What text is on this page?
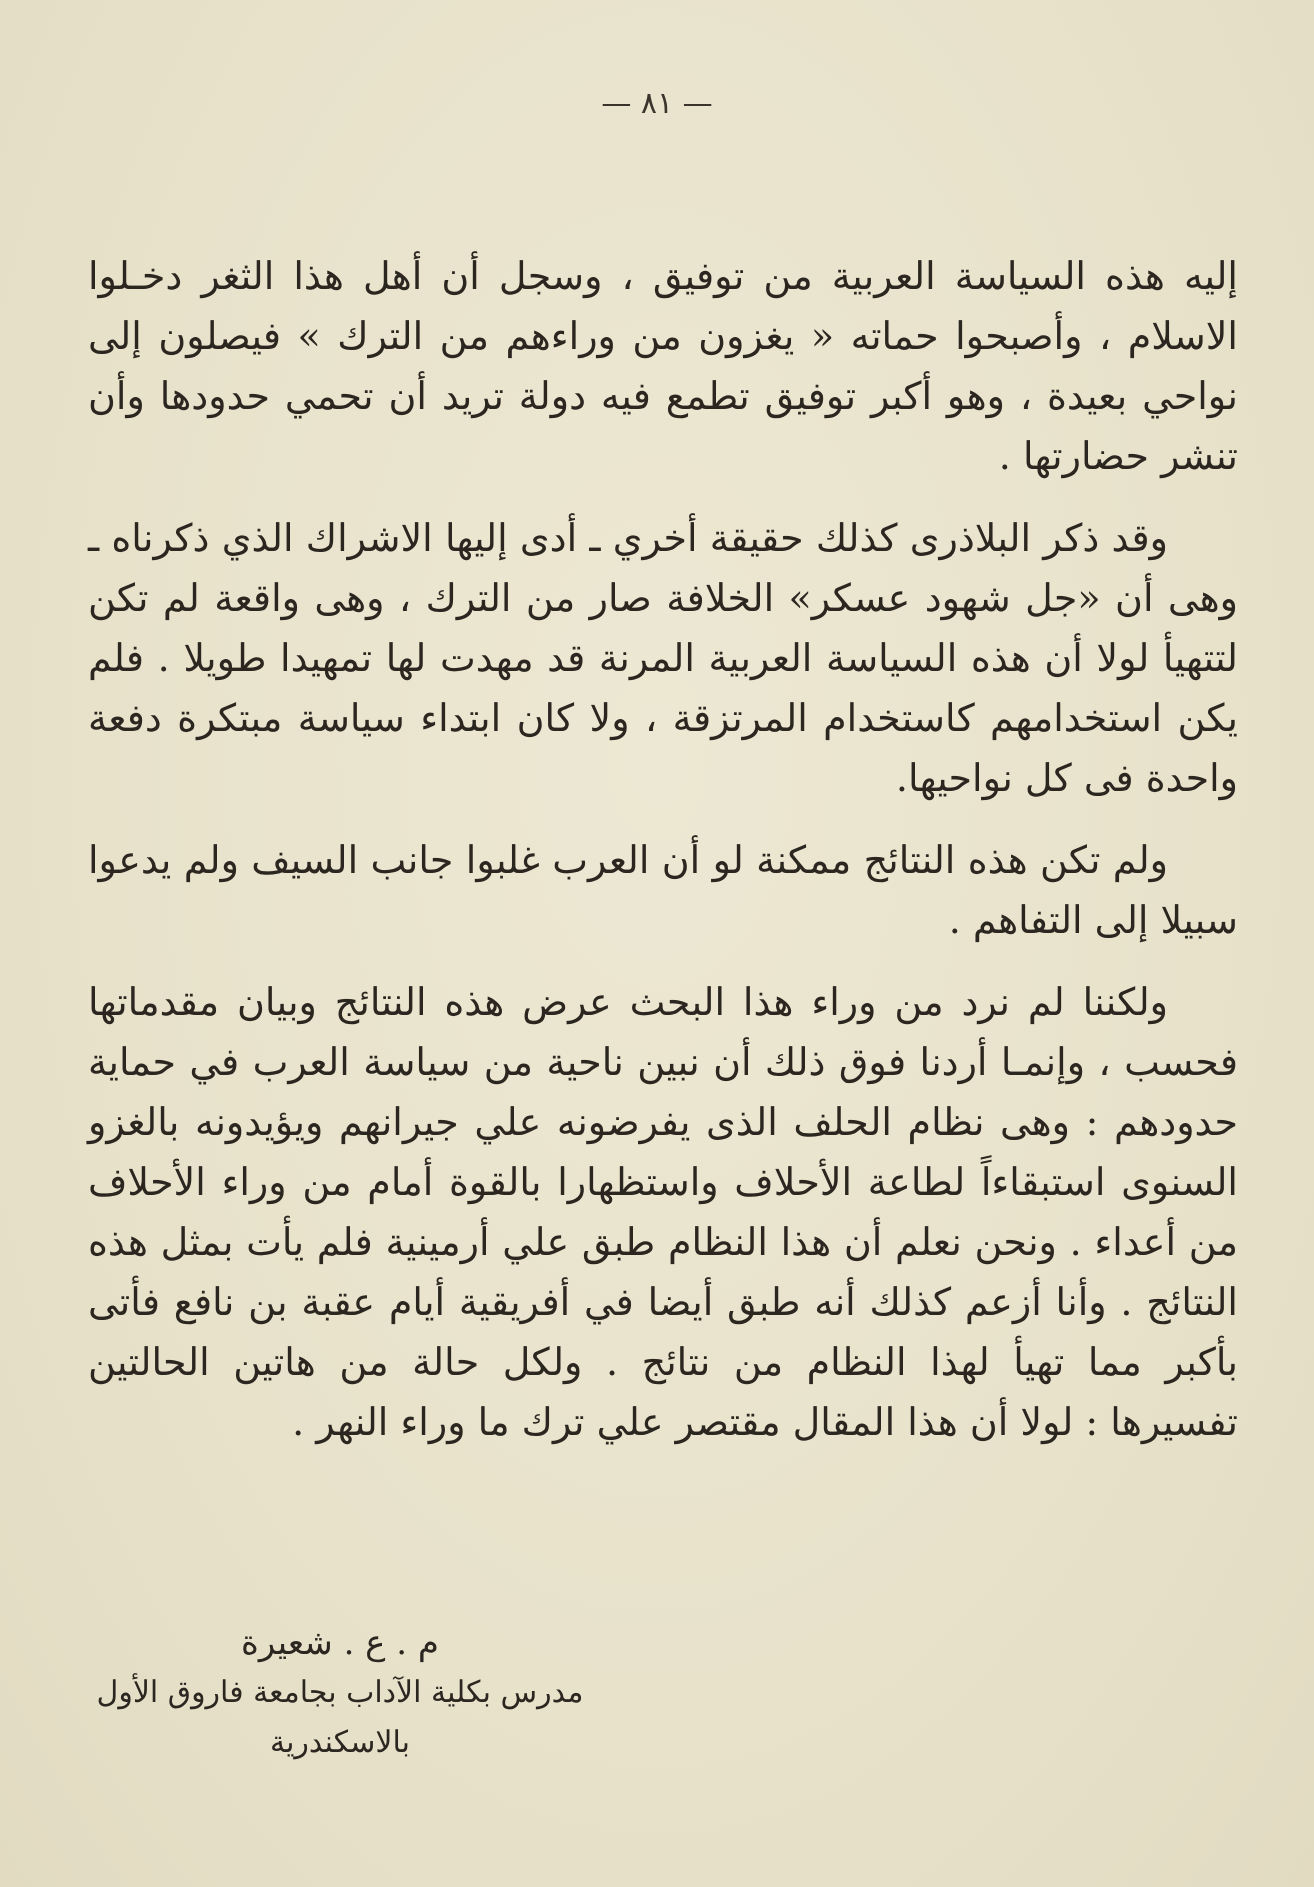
— ٨١ —

إليه هذه السياسة العربية من توفيق ، وسجل أن أهل هذا الثغر دخـلوا الاسلام ، وأصبحوا حماته « يغزون من وراءهم من الترك » فيصلون إلى نواحي بعيدة ، وهو أكبر توفيق تطمع فيه دولة تريد أن تحمي حدودها وأن تنشر حضارتها .

وقد ذكر البلاذرى كذلك حقيقة أخري ـ أدى إليها الاشراك الذي ذكرناه ـ وهى أن «جل شهود عسكر» الخلافة صار من الترك ، وهى واقعة لم تكن لتتهيأ لولا أن هذه السياسة العربية المرنة قد مهدت لها تمهيدا طويلا . فلم يكن استخدامهم كاستخدام المرتزقة ، ولا كان ابتداء سياسة مبتكرة دفعة واحدة فى كل نواحيها.

ولم تكن هذه النتائج ممكنة لو أن العرب غلبوا جانب السيف ولم يدعوا سبيلا إلى التفاهم .

ولكننا لم نرد من وراء هذا البحث عرض هذه النتائج وبيان مقدماتها فحسب ، وإنمـا أردنا فوق ذلك أن نبين ناحية من سياسة العرب في حماية حدودهم : وهى نظام الحلف الذى يفرضونه علي جيرانهم ويؤيدونه بالغزو السنوى استبقاءاً لطاعة الأحلاف واستظهارا بالقوة أمام من وراء الأحلاف من أعداء . ونحن نعلم أن هذا النظام طبق علي أرمينية فلم يأت بمثل هذه النتائج . وأنا أزعم كذلك أنه طبق أيضا في أفريقية أيام عقبة بن نافع فأتى بأكبر مما تهيأ لهذا النظام من نتائج . ولكل حالة من هاتين الحالتين تفسيرها : لولا أن هذا المقال مقتصر علي ترك ما وراء النهر .

م . ع . شعيرة
مدرس بكلية الآداب بجامعة فاروق الأول
بالاسكندرية
